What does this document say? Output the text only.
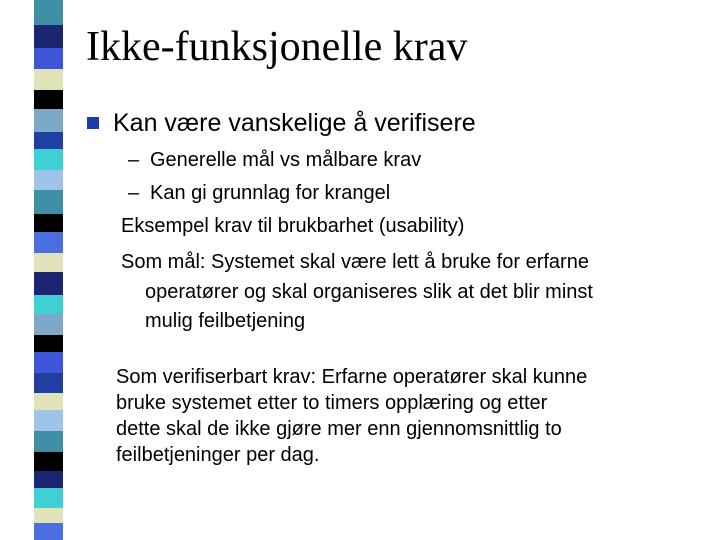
Ikke-funksjonelle krav
Kan være vanskelige å verifisere
– Generelle mål vs målbare krav
– Kan gi grunnlag for krangel
Eksempel krav til brukbarhet (usability)
Som mål: Systemet skal være lett å bruke for erfarne
operatører og skal organiseres slik at det blir minst
mulig feilbetjening
Som verifiserbart krav: Erfarne operatører skal kunne
bruke systemet etter to timers opplæring og etter
dette skal de ikke gjøre mer enn gjennomsnittlig to
feilbetjeninger per dag.
